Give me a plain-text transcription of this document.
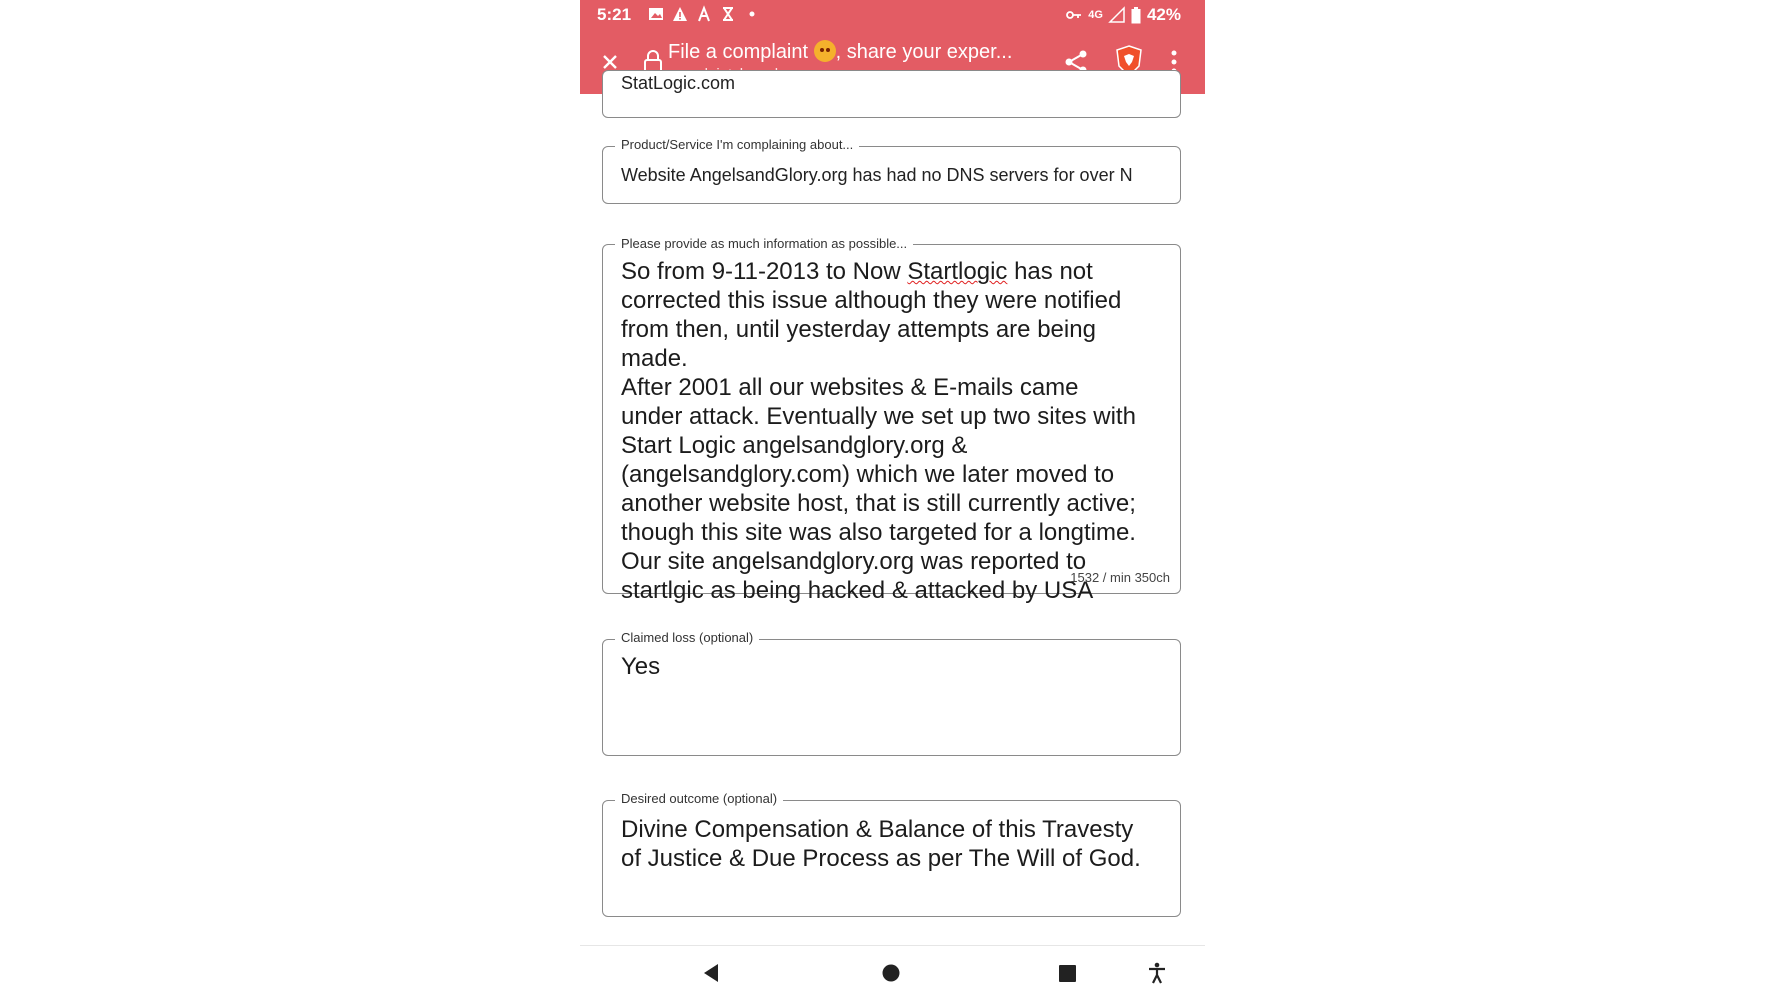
5:21	4G	42%
File a complaint , share your exper...
StatLogic.com
Product/Service I'm complaining about...
Website AngelsandGlory.org has had no DNS servers for over N
Please provide as much information as possible...
So from 9-11-2013 to Now Startlogic has not
corrected this issue although they were notified
from then, until yesterday attempts are being
made.
After 2001 all our websites & E-mails came
under attack. Eventually we set up two sites with
Start Logic angelsandglory.org &
(angelsandglory.com) which we later moved to
another website host, that is still currently active;
though this site was also targeted for a longtime.
Our site angelsandglory.org was reported to
startlgic as being hacked & attacked by USA
1532 / min 350ch
Claimed loss (optional)
Yes
Desired outcome (optional)
Divine Compensation & Balance of this Travesty
of Justice & Due Process as per The Will of God.
